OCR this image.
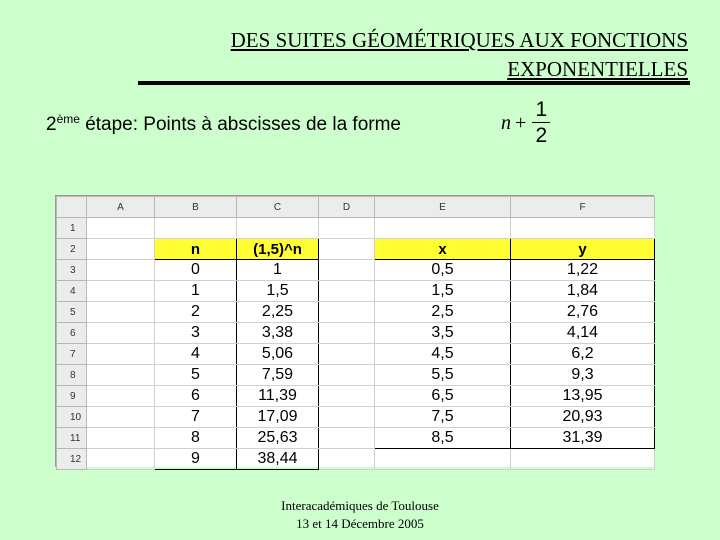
DES SUITES GÉOMÉTRIQUES AUX FONCTIONS
EXPONENTIELLES
2ème étape: Points à abscisses de la forme	$n + \frac{1}{2}$
	A	B	C	D	E	F
1						
2		n	(1,5)^n		x	y
3		0	1		0,5	1,22
4		1	1,5		1,5	1,84
5		2	2,25		2,5	2,76
6		3	3,38		3,5	4,14
7		4	5,06		4,5	6,2
8		5	7,59		5,5	9,3
9		6	11,39		6,5	13,95
10		7	17,09		7,5	20,93
11		8	25,63		8,5	31,39
12		9	38,44			
Interacadémiques de Toulouse
13 et 14 Décembre 2005
